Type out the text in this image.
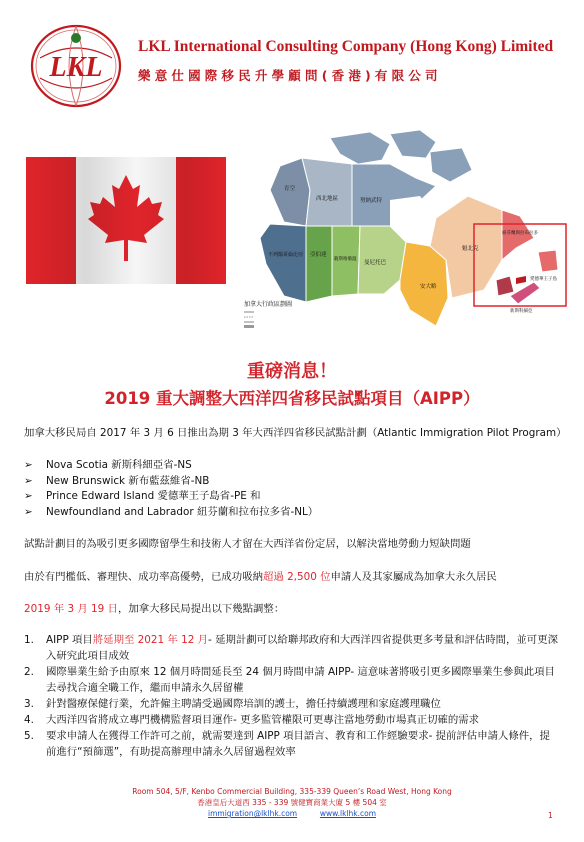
LKL
LKL International Consulting Company (Hong Kong) Limited
樂意仕國際移民升學顧問(香港)有限公司
育空
西北地區	努納武特
不列顛哥倫比亞 亞伯達
薩斯喀徹溫
曼尼托巴
安大略
魁北克
紐芬蘭與拉布拉多
愛德華王子島
新斯科細亞
加拿大行政區劃圖
重磅消息！
2019 重大調整大西洋四省移民試點項目（AIPP）
加拿大移民局自 2017 年 3 月 6 日推出為期 3 年大西洋四省移民試點計劃（Atlantic Immigration Pilot Program）
➢ Nova Scotia 新斯科細亞省-NS
➢ New Brunswick 新布藍茲維省-NB
➢ Prince Edward Island 愛德華王子島省-PE 和
➢ Newfoundland and Labrador 紐芬蘭和拉布拉多省-NL）
試點計劃目的為吸引更多國際留學生和技術人才留在大西洋省份定居，以解決當地勞動力短缺問題
由於有門檻低、審理快、成功率高優勢，已成功吸納超過 2,500 位申請人及其家屬成為加拿大永久居民
2019 年 3 月 19 日，加拿大移民局提出以下幾點調整：
1. AIPP 項目將延期至 2021 年 12 月- 延期計劃可以給聯邦政府和大西洋四省提供更多考量和評估時間，並可更深入研究此項目成效
2. 國際畢業生給予由原來 12 個月時間延長至 24 個月時間申請 AIPP- 這意味著將吸引更多國際畢業生參與此項目去尋找合適全職工作，繼而申請永久居留權
3. 針對醫療保健行業，允許僱主聘請受過國際培訓的護士，擔任持續護理和家庭護理職位
4. 大西洋四省將成立專門機構監督項目運作- 更多監管權限可更專注當地勞動市場真正切確的需求
5. 要求申請人在獲得工作許可之前，就需要達到 AIPP 項目語言、教育和工作經驗要求- 提前評估申請人條件，提前進行“預篩選”，有助提高辦理申請永久居留過程效率
Room 504, 5/F, Kenbo Commercial Building, 335-339 Queen’s Road West, Hong Kong
香港皇后大道西 335 - 339 號健寶商業大廈 5 樓 504 室
immigration@lklhk.com	www.lklhk.com	1
